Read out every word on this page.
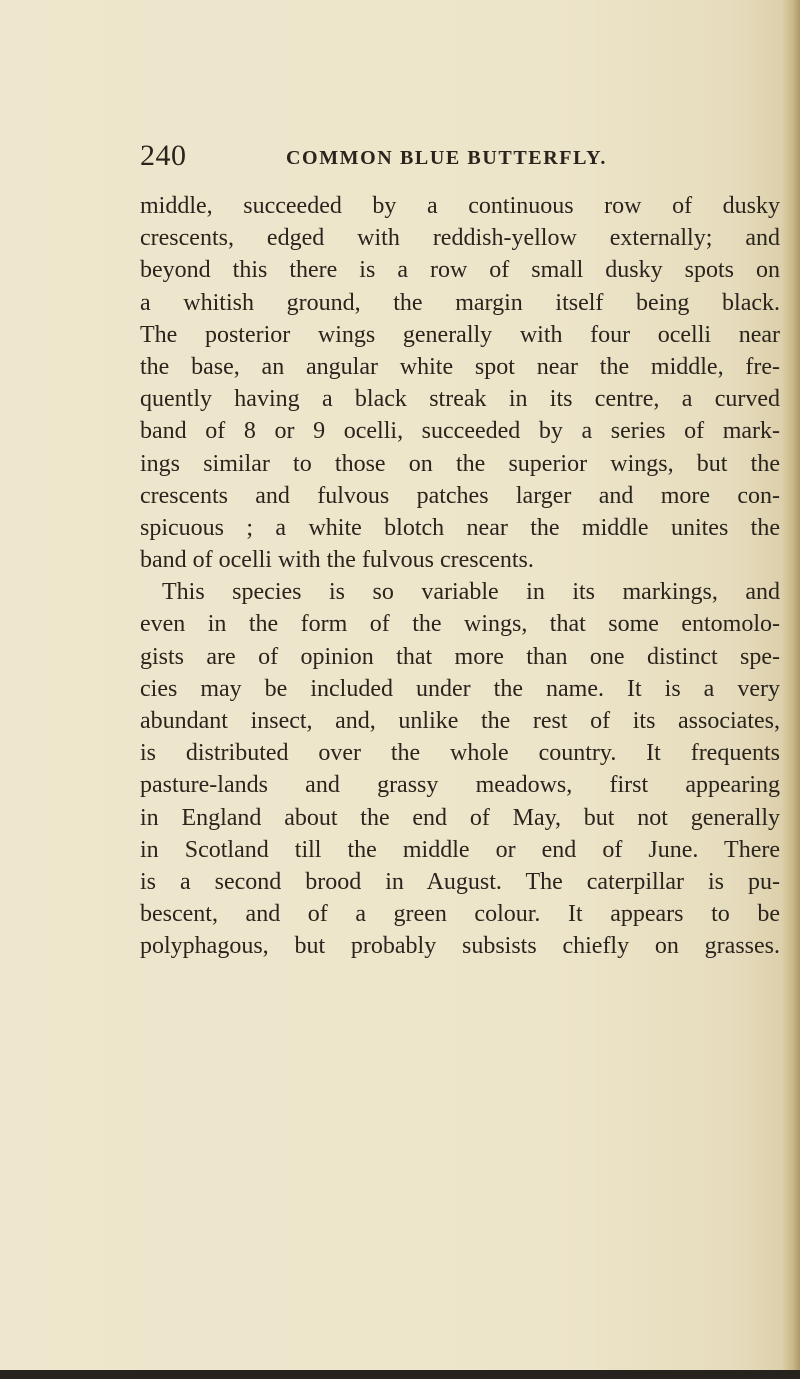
240	COMMON BLUE BUTTERFLY.
middle, succeeded by a continuous row of dusky
crescents, edged with reddish-yellow externally; and
beyond this there is a row of small dusky spots on
a whitish ground, the margin itself being black.
The posterior wings generally with four ocelli near
the base, an angular white spot near the middle, fre-
quently having a black streak in its centre, a curved
band of 8 or 9 ocelli, succeeded by a series of mark-
ings similar to those on the superior wings, but the
crescents and fulvous patches larger and more con-
spicuous ; a white blotch near the middle unites the
band of ocelli with the fulvous crescents.
This species is so variable in its markings, and
even in the form of the wings, that some entomolo-
gists are of opinion that more than one distinct spe-
cies may be included under the name. It is a very
abundant insect, and, unlike the rest of its associates,
is distributed over the whole country. It frequents
pasture-lands and grassy meadows, first appearing
in England about the end of May, but not generally
in Scotland till the middle or end of June. There
is a second brood in August. The caterpillar is pu-
bescent, and of a green colour. It appears to be
polyphagous, but probably subsists chiefly on grasses.
